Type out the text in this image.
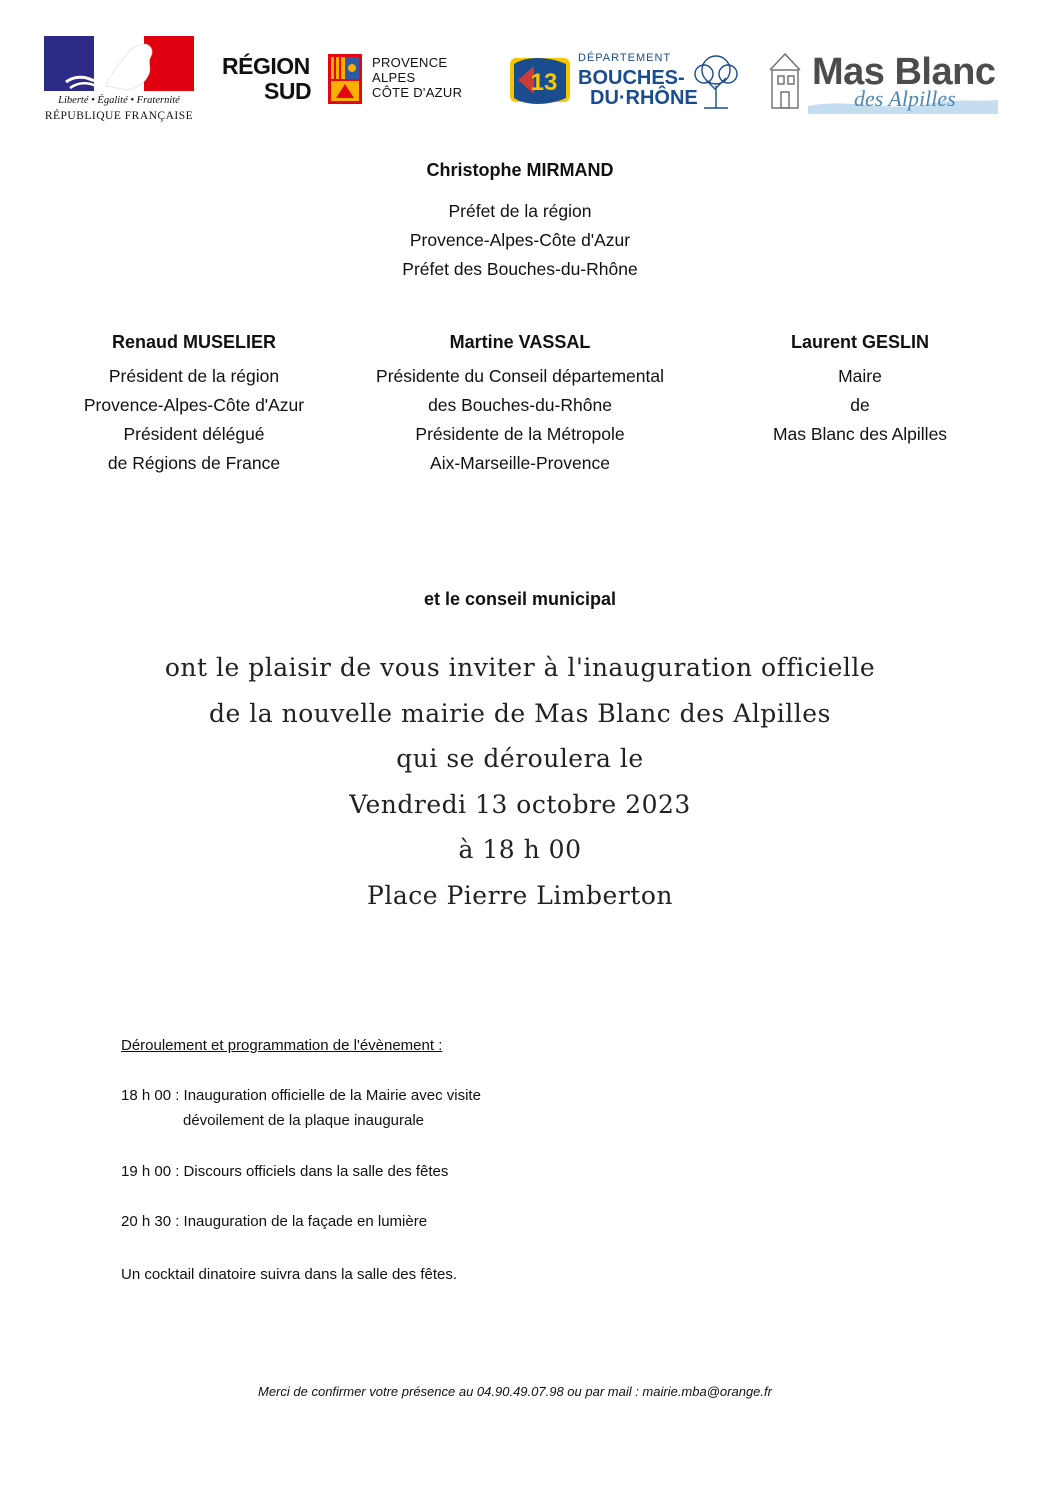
Liberté • Égalité • Fraternité
RÉPUBLIQUE FRANÇAISE
RÉGION
SUD
PROVENCE
ALPES
CÔTE D'AZUR	13
DÉPARTEMENT
BOUCHES-
DU·RHÔNE
Mas Blanc
des Alpilles
Christophe MIRMAND
Préfet de la région
Provence-Alpes-Côte d'Azur
Préfet des Bouches-du-Rhône
Renaud MUSELIER
Président de la région
Provence-Alpes-Côte d'Azur
Président délégué
de Régions de France
Martine VASSAL
Présidente du Conseil départemental
des Bouches-du-Rhône
Présidente de la Métropole
Aix-Marseille-Provence
Laurent GESLIN
Maire
de
Mas Blanc des Alpilles
et le conseil municipal
ont le plaisir de vous inviter à l'inauguration officielle
de la nouvelle mairie de Mas Blanc des Alpilles
qui se déroulera le
Vendredi 13 octobre 2023
à 18 h 00
Place Pierre Limberton
Déroulement et programmation de l'évènement :
18 h 00 : Inauguration officielle de la Mairie avec visite
dévoilement de la plaque inaugurale
19 h 00 : Discours officiels dans la salle des fêtes
20 h 30 : Inauguration de la façade en lumière
Un cocktail dinatoire suivra dans la salle des fêtes.
Merci de confirmer votre présence au 04.90.49.07.98 ou par mail : mairie.mba@orange.fr
